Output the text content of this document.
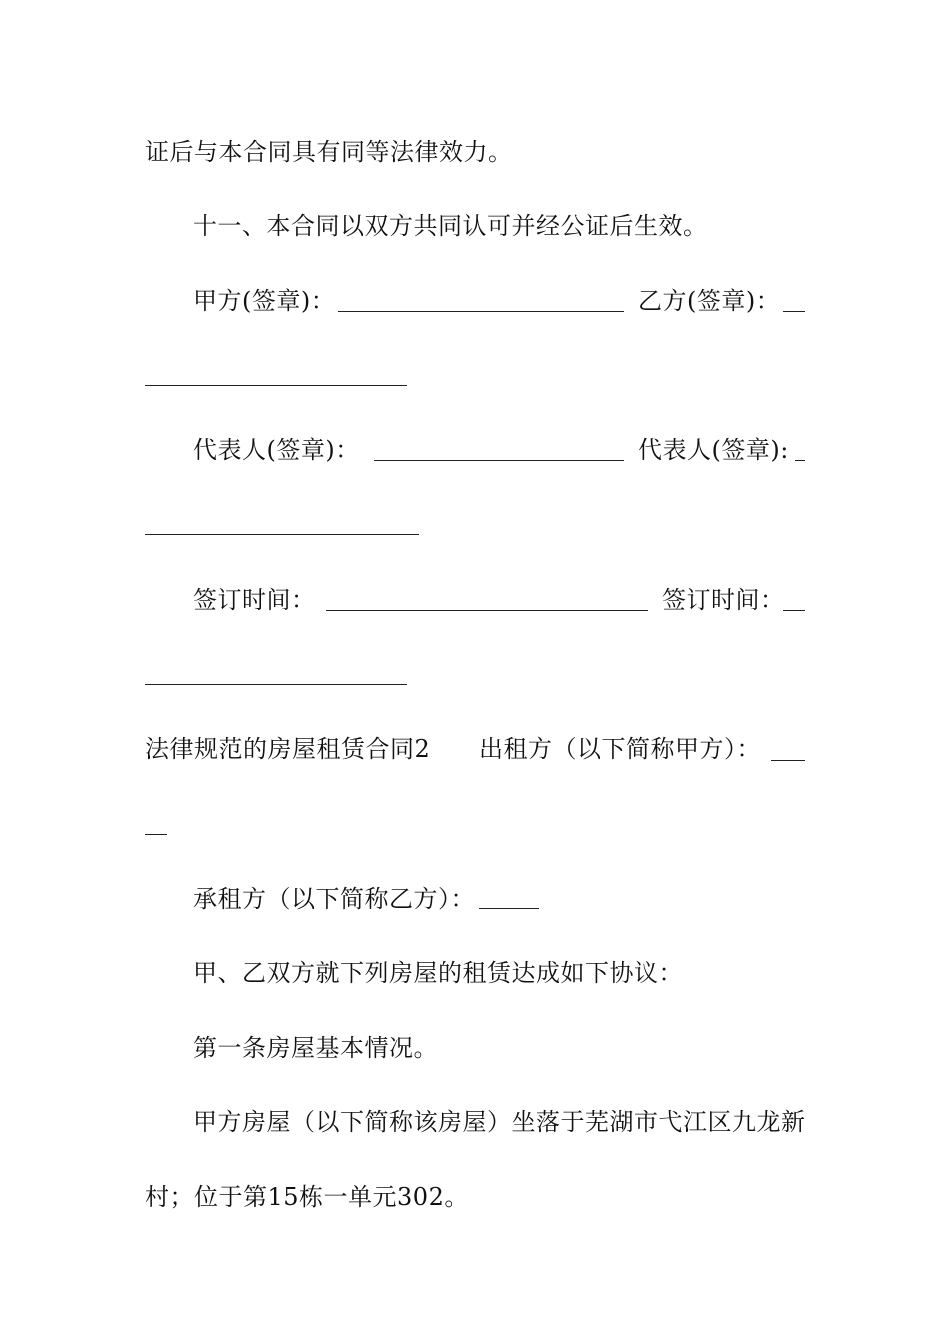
证后与本合同具有同等法律效力。
十一、本合同以双方共同认可并经公证后生效。
甲方(签章)：	乙方(签章)：
代表人(签章)：	代表人(签章):
签订时间：	签订时间：
法律规范的房屋租赁合同2 出租方（以下简称甲方）：
承租方（以下简称乙方）：
甲、乙双方就下列房屋的租赁达成如下协议：
第一条房屋基本情况。
甲方房屋（以下简称该房屋）坐落于芜湖市弋江区九龙新
村；位于第15栋一单元302。
